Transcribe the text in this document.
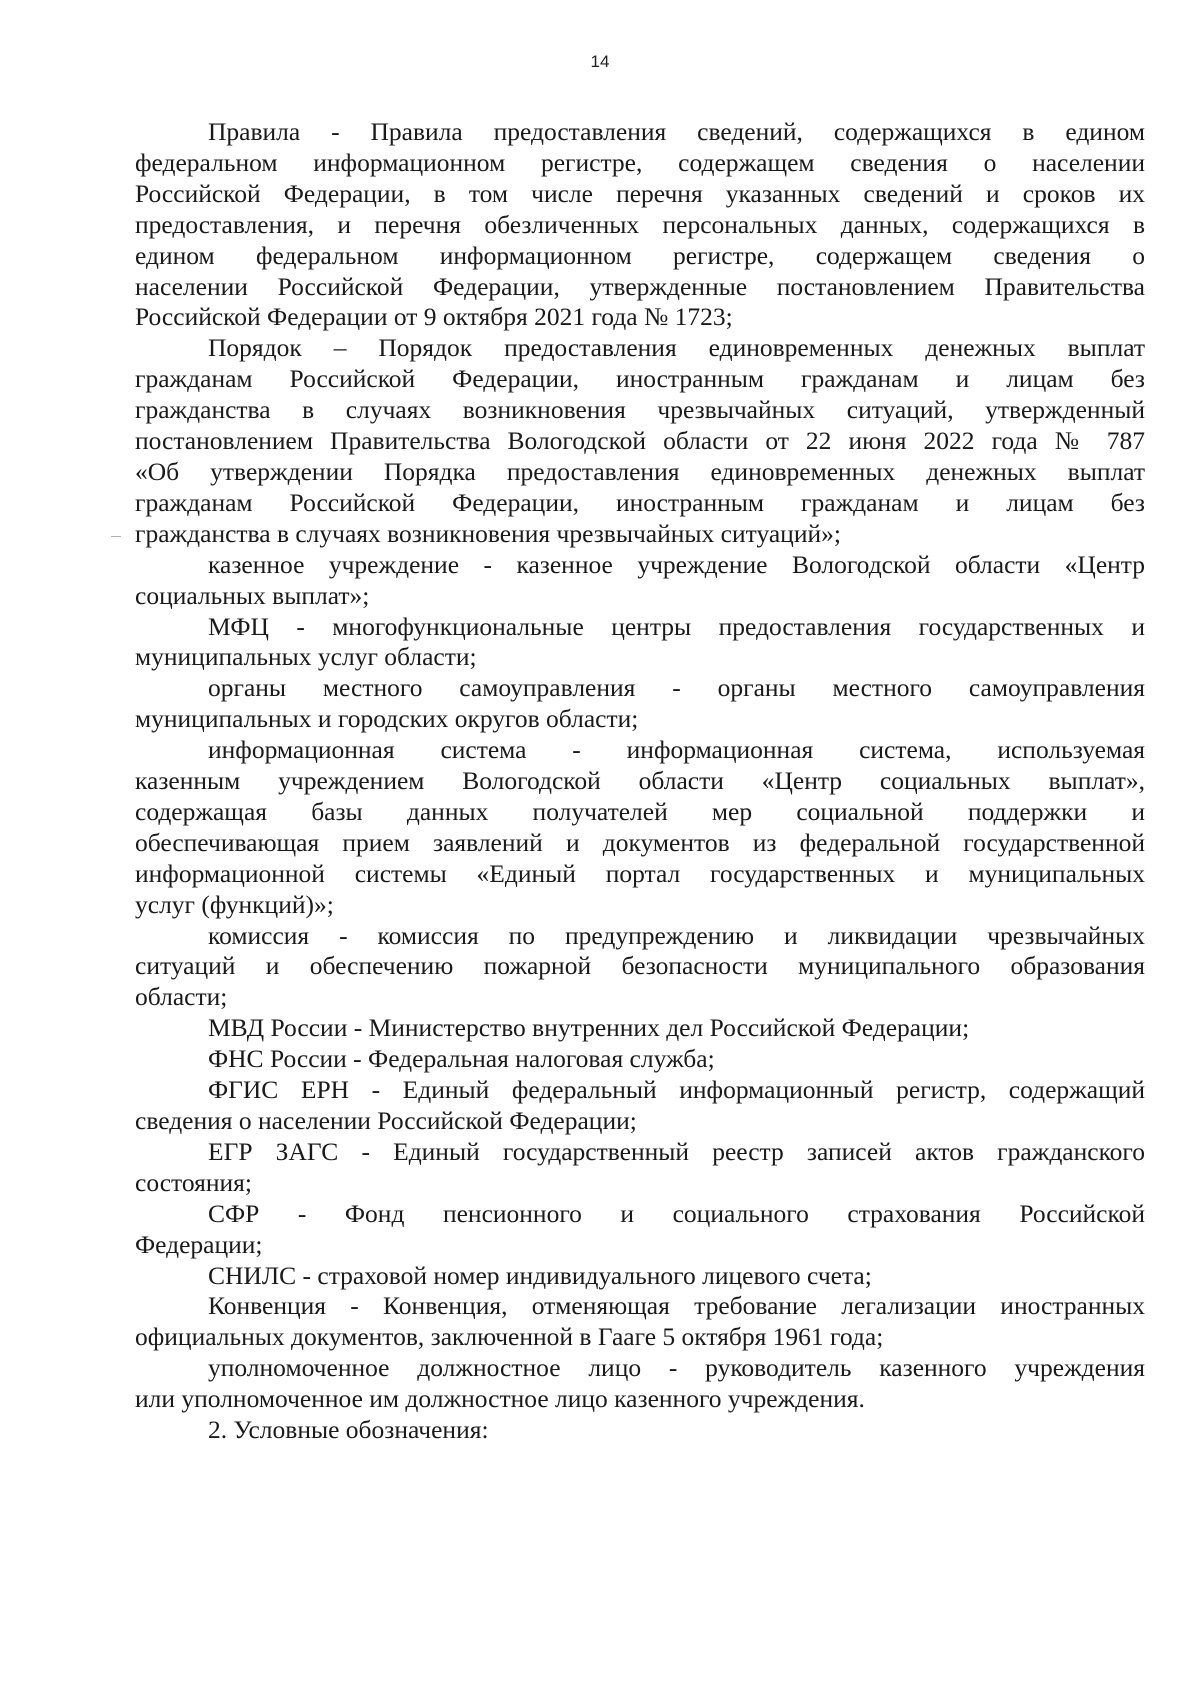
14
Правила - Правила предоставления сведений, содержащихся в едином
федеральном информационном регистре, содержащем сведения о населении
Российской Федерации, в том числе перечня указанных сведений и сроков их
предоставления, и перечня обезличенных персональных данных, содержащихся в
едином федеральном информационном регистре, содержащем сведения о
населении Российской Федерации, утвержденные постановлением Правительства
Российской Федерации от 9 октября 2021 года № 1723;
Порядок – Порядок предоставления единовременных денежных выплат
гражданам Российской Федерации, иностранным гражданам и лицам без
гражданства в случаях возникновения чрезвычайных ситуаций, утвержденный
постановлением Правительства Вологодской области от 22 июня 2022 года № 787
«Об утверждении Порядка предоставления единовременных денежных выплат
гражданам Российской Федерации, иностранным гражданам и лицам без
гражданства в случаях возникновения чрезвычайных ситуаций»;
казенное учреждение - казенное учреждение Вологодской области «Центр
социальных выплат»;
МФЦ - многофункциональные центры предоставления государственных и
муниципальных услуг области;
органы местного самоуправления - органы местного самоуправления
муниципальных и городских округов области;
информационная система - информационная система, используемая
казенным учреждением Вологодской области «Центр социальных выплат»,
содержащая базы данных получателей мер социальной поддержки и
обеспечивающая прием заявлений и документов из федеральной государственной
информационной системы «Единый портал государственных и муниципальных
услуг (функций)»;
комиссия - комиссия по предупреждению и ликвидации чрезвычайных
ситуаций и обеспечению пожарной безопасности муниципального образования
области;
МВД России - Министерство внутренних дел Российской Федерации;
ФНС России - Федеральная налоговая служба;
ФГИС ЕРН - Единый федеральный информационный регистр, содержащий
сведения о населении Российской Федерации;
ЕГР ЗАГС - Единый государственный реестр записей актов гражданского
состояния;
СФР - Фонд пенсионного и социального страхования Российской
Федерации;
СНИЛС - страховой номер индивидуального лицевого счета;
Конвенция - Конвенция, отменяющая требование легализации иностранных
официальных документов, заключенной в Гааге 5 октября 1961 года;
уполномоченное должностное лицо - руководитель казенного учреждения
или уполномоченное им должностное лицо казенного учреждения.
2. Условные обозначения:
